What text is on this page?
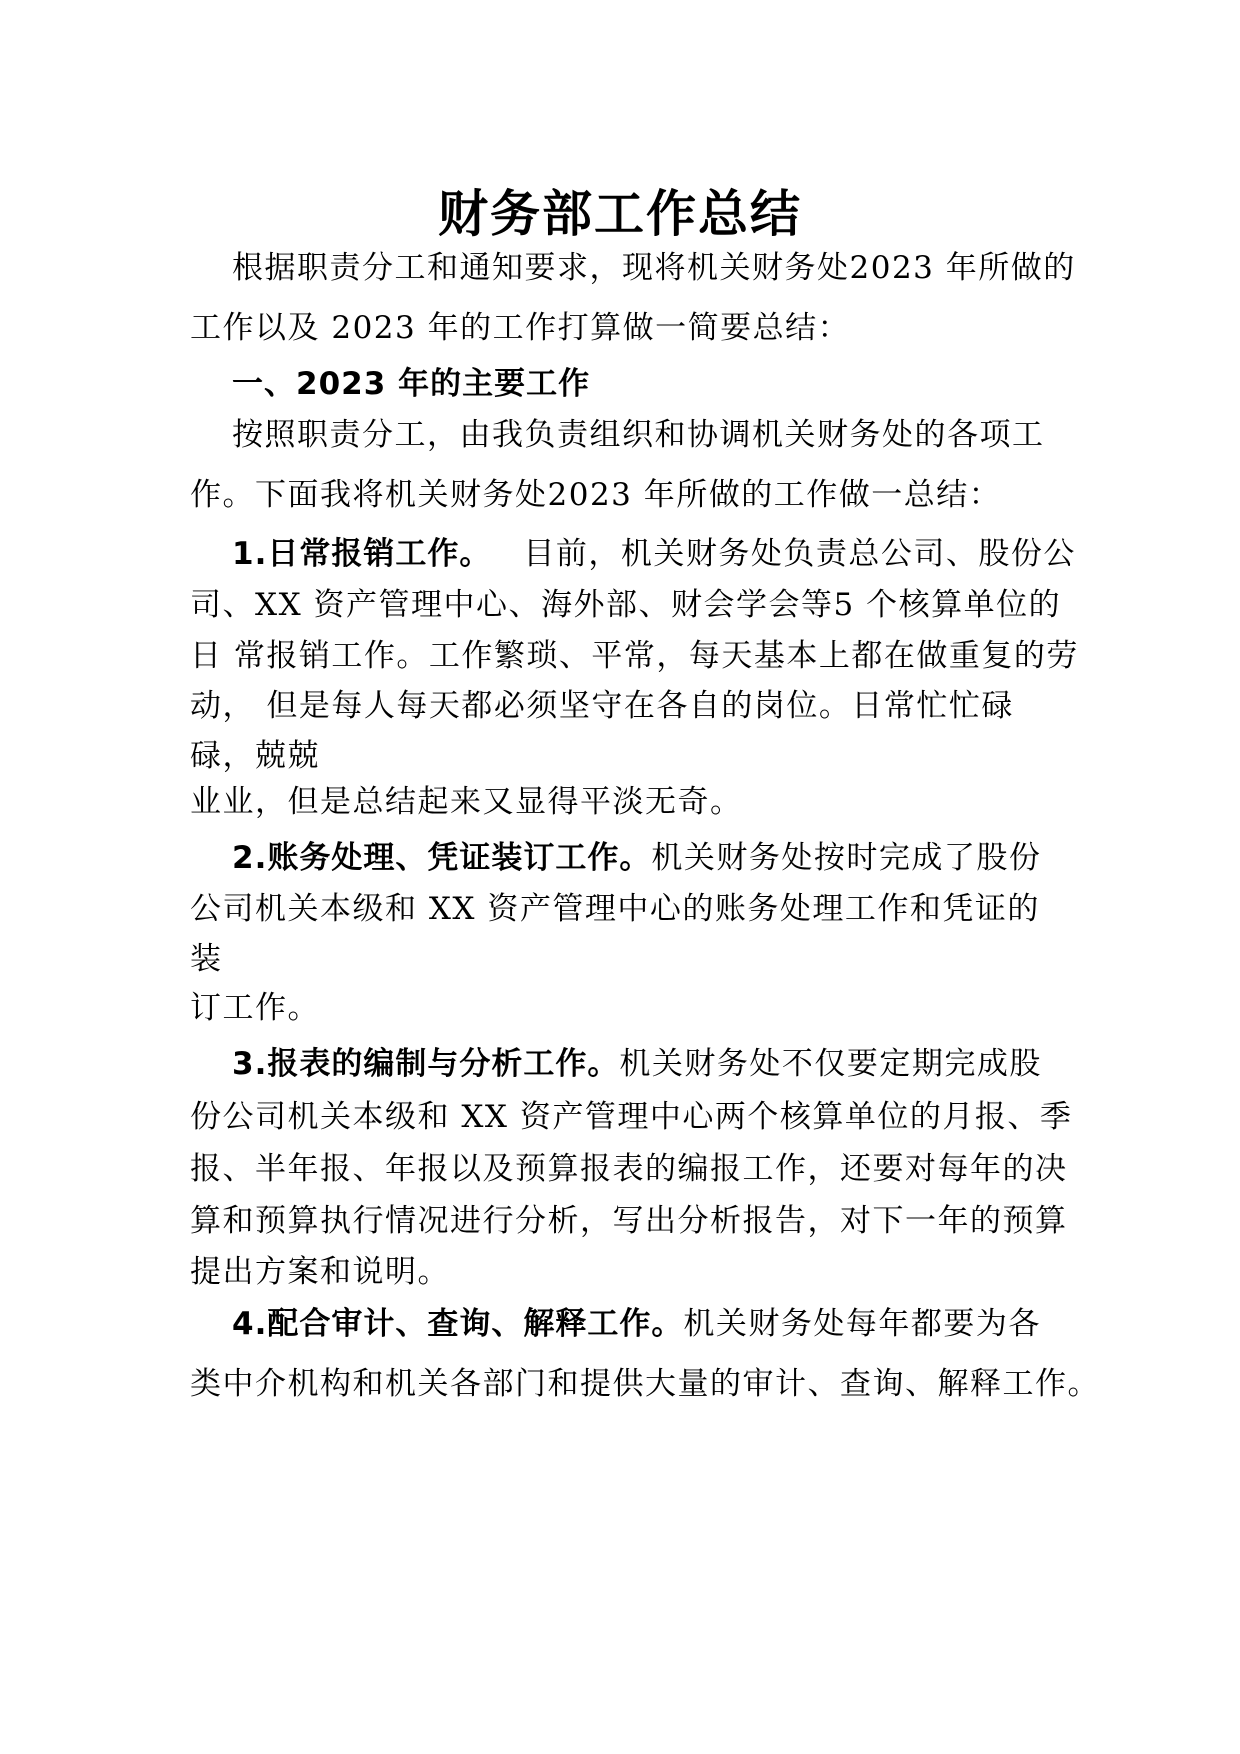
财务部工作总结
根据职责分工和通知要求，现将机关财务处2023 年所做的
工作以及 2023 年的工作打算做一简要总结：
一、2023 年的主要工作
按照职责分工，由我负责组织和协调机关财务处的各项工
作。下面我将机关财务处2023 年所做的工作做一总结：
1.日常报销工作。 目前，机关财务处负责总公司、股份公
司、XX 资产管理中心、海外部、财会学会等5 个核算单位的
日 常报销工作。工作繁琐、平常，每天基本上都在做重复的劳
动， 但是每人每天都必须坚守在各自的岗位。日常忙忙碌
碌，兢兢
业业，但是总结起来又显得平淡无奇。
2.账务处理、凭证装订工作。机关财务处按时完成了股份
公司机关本级和 XX 资产管理中心的账务处理工作和凭证的
装
订工作。
3.报表的编制与分析工作。机关财务处不仅要定期完成股
份公司机关本级和 XX 资产管理中心两个核算单位的月报、季
报、半年报、年报以及预算报表的编报工作，还要对每年的决
算和预算执行情况进行分析，写出分析报告，对下一年的预算
提出方案和说明。
4.配合审计、查询、解释工作。机关财务处每年都要为各
类中介机构和机关各部门和提供大量的审计、查询、解释工作。
